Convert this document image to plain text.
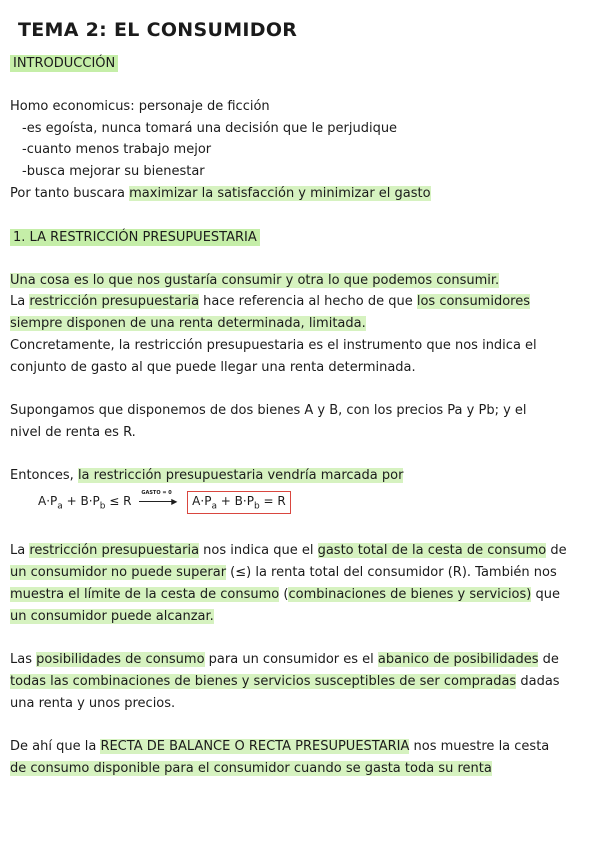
TEMA 2: EL CONSUMIDOR
INTRODUCCIÓN
Homo economicus: personaje de ficción
-es egoísta, nunca tomará una decisión que le perjudique
-cuanto menos trabajo mejor
-busca mejorar su bienestar
Por tanto buscara maximizar la satisfacción y minimizar el gasto
1. LA RESTRICCIÓN PRESUPUESTARIA
Una cosa es lo que nos gustaría consumir y otra lo que podemos consumir.
La restricción presupuestaria hace referencia al hecho de que los consumidores
siempre disponen de una renta determinada, limitada.
Concretamente, la restricción presupuestaria es el instrumento que nos indica el
conjunto de gasto al que puede llegar una renta determinada.
Supongamos que disponemos de dos bienes A y B, con los precios Pa y Pb; y el
nivel de renta es R.
Entonces, la restricción presupuestaria vendría marcada por
$A\cdot P_a + B\cdot P_b \le R$
GASTO = 0
▶ $A\cdot P_a + B\cdot P_b = R$
La restricción presupuestaria nos indica que el gasto total de la cesta de consumo de
un consumidor no puede superar (≤) la renta total del consumidor (R). También nos
muestra el límite de la cesta de consumo (combinaciones de bienes y servicios) que
un consumidor puede alcanzar.
Las posibilidades de consumo para un consumidor es el abanico de posibilidades de
todas las combinaciones de bienes y servicios susceptibles de ser compradas dadas
una renta y unos precios.
De ahí que la RECTA DE BALANCE O RECTA PRESUPUESTARIA nos muestre la cesta
de consumo disponible para el consumidor cuando se gasta toda su renta
